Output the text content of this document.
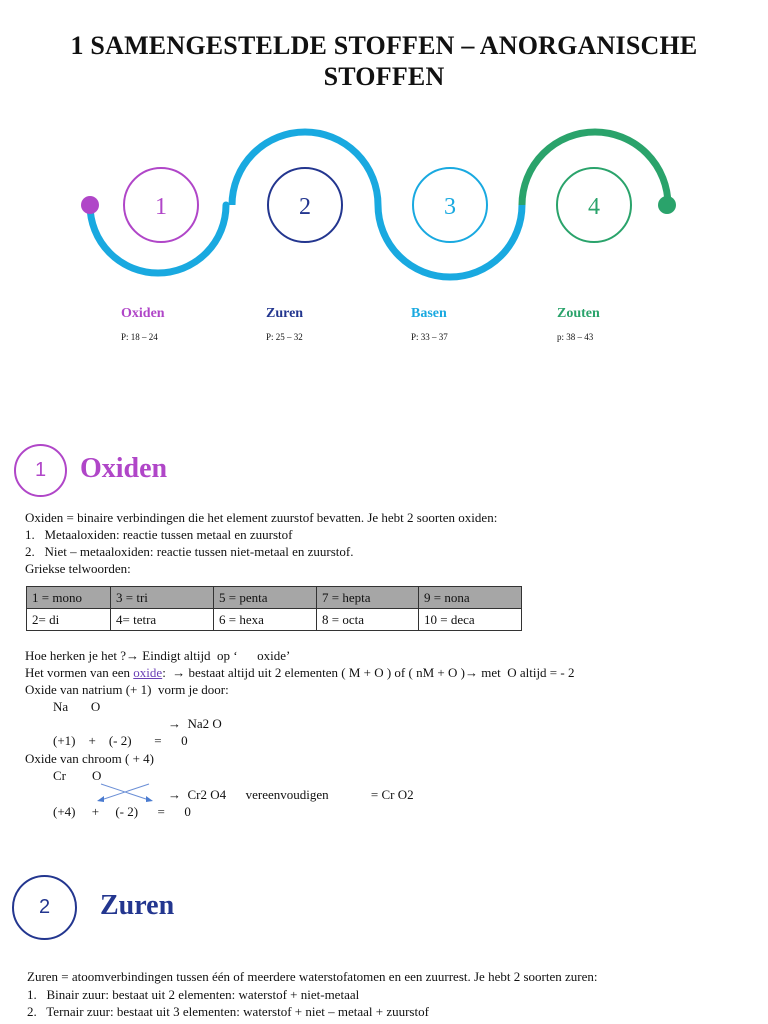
1 SAMENGESTELDE STOFFEN – ANORGANISCHE
STOFFEN
1	2	3	4
Oxiden
P: 18 – 24
Zuren
P: 25 – 32
Basen
P: 33 – 37
Zouten
p: 38 – 43
1	Oxiden
Oxiden = binaire verbindingen die het element zuurstof bevatten. Je hebt 2 soorten oxiden:
1.   Metaaloxiden: reactie tussen metaal en zuurstof
2.   Niet – metaaloxiden: reactie tussen niet-metaal en zuurstof.
Griekse telwoorden:
1 = mono	3 = tri	5 = penta	7 = hepta	9 = nona
2= di	4= tetra	6 = hexa	8 = octa	10 = deca
Hoe herken je het ?→ Eindigt altijd  op ‘      oxide’
Het vormen van een oxide:  → bestaat altijd uit 2 elementen ( M + O ) of ( nM + O )→ met  O altijd = - 2
Oxide van natrium (+ 1)  vorm je door:
Na       O
→  Na2 O
(+1)    +    (- 2)       =      0
Oxide van chroom ( + 4)
Cr        O
→  Cr2 O4      vereenvoudigen             = Cr O2
(+4)     +     (- 2)      =      0
2	Zuren
Zuren = atoomverbindingen tussen één of meerdere waterstofatomen en een zuurrest. Je hebt 2 soorten zuren:
1.   Binair zuur: bestaat uit 2 elementen: waterstof + niet-metaal
2.   Ternair zuur: bestaat uit 3 elementen: waterstof + niet – metaal + zuurstof
